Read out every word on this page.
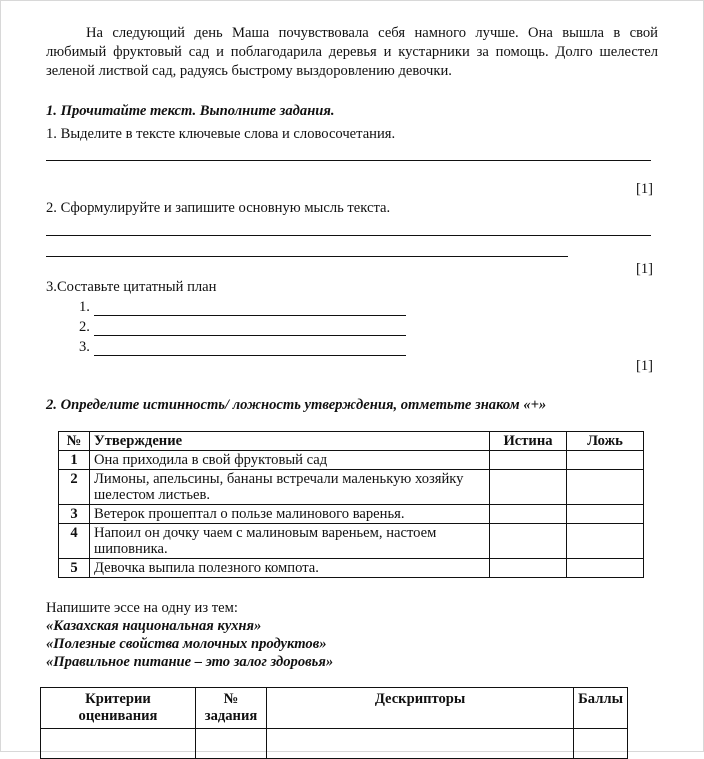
На следующий день Маша почувствовала себя намного лучше. Она вышла в свой любимый фруктовый сад и поблагодарила деревья и кустарники за помощь. Долго шелестел зеленой листвой сад, радуясь быстрому выздоровлению девочки.

1. Прочитайте текст. Выполните задания.
1. Выделите в тексте ключевые слова и словосочетания.
[1]
2. Сформулируйте и запишите основную мысль текста.
[1]
3.Составьте цитатный план
1.
2.
3.
[1]
2. Определите истинность/ ложность утверждения, отметьте знаком «+»
№	Утверждение	Истина	Ложь
1	Она приходила в свой фруктовый сад		
2	Лимоны, апельсины, бананы встречали маленькую хозяйку шелестом листьев.		
3	Ветерок прошептал о пользе малинового варенья.		
4	Напоил он дочку чаем с малиновым вареньем, настоем шиповника.		
5	Девочка выпила полезного компота.		
Напишите эссе на одну из тем:
«Казахская национальная кухня»
«Полезные свойства молочных продуктов»
«Правильное питание – это залог здоровья»
Критерии оценивания	№ задания	Дескрипторы	Баллы
